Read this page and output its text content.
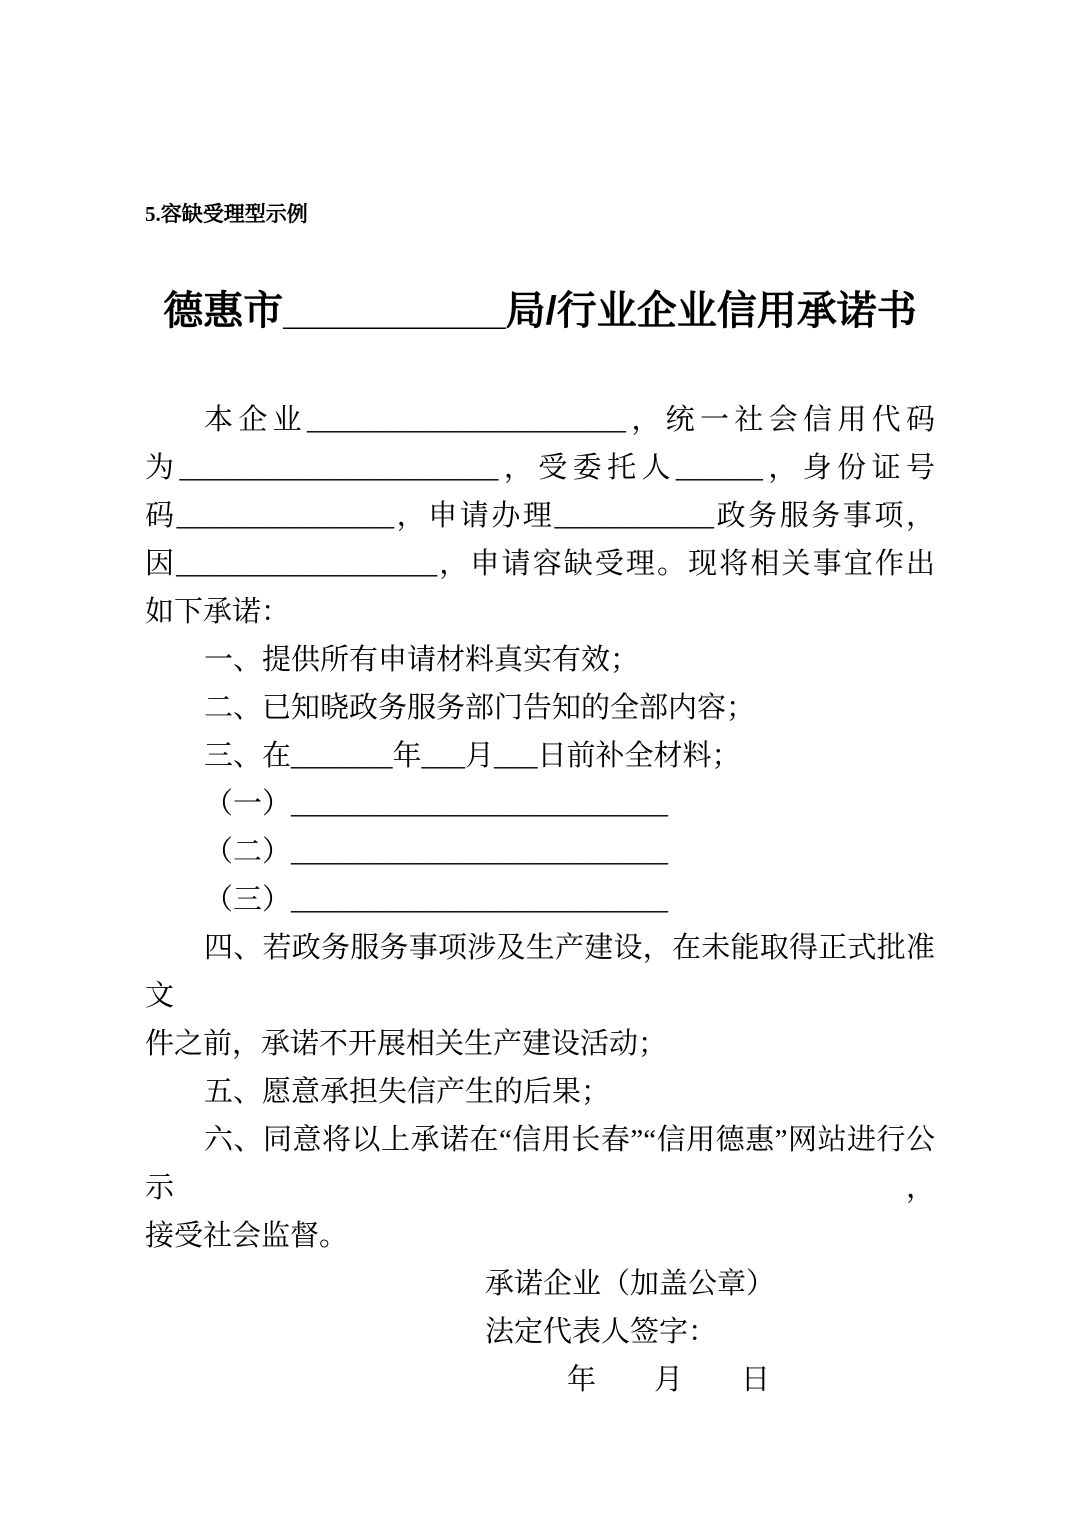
5.容缺受理型示例
德惠市__________局/行业企业信用承诺书
本企业______________________，统一社会信用代码
为______________________，受委托人______，身份证号
码_______________，申请办理___________政务服务事项，
因__________________，申请容缺受理。现将相关事宜作出
如下承诺：
一、提供所有申请材料真实有效；
二、已知晓政务服务部门告知的全部内容；
三、在_______年___月___日前补全材料；
（一）__________________________
（二）__________________________
（三）__________________________
四、若政务服务事项涉及生产建设，在未能取得正式批准文
件之前，承诺不开展相关生产建设活动；
五、愿意承担失信产生的后果；
六、同意将以上承诺在“信用长春”“信用德惠”网站进行公示，
接受社会监督。
承诺企业（加盖公章）
法定代表人签字：
年　　月　　日
